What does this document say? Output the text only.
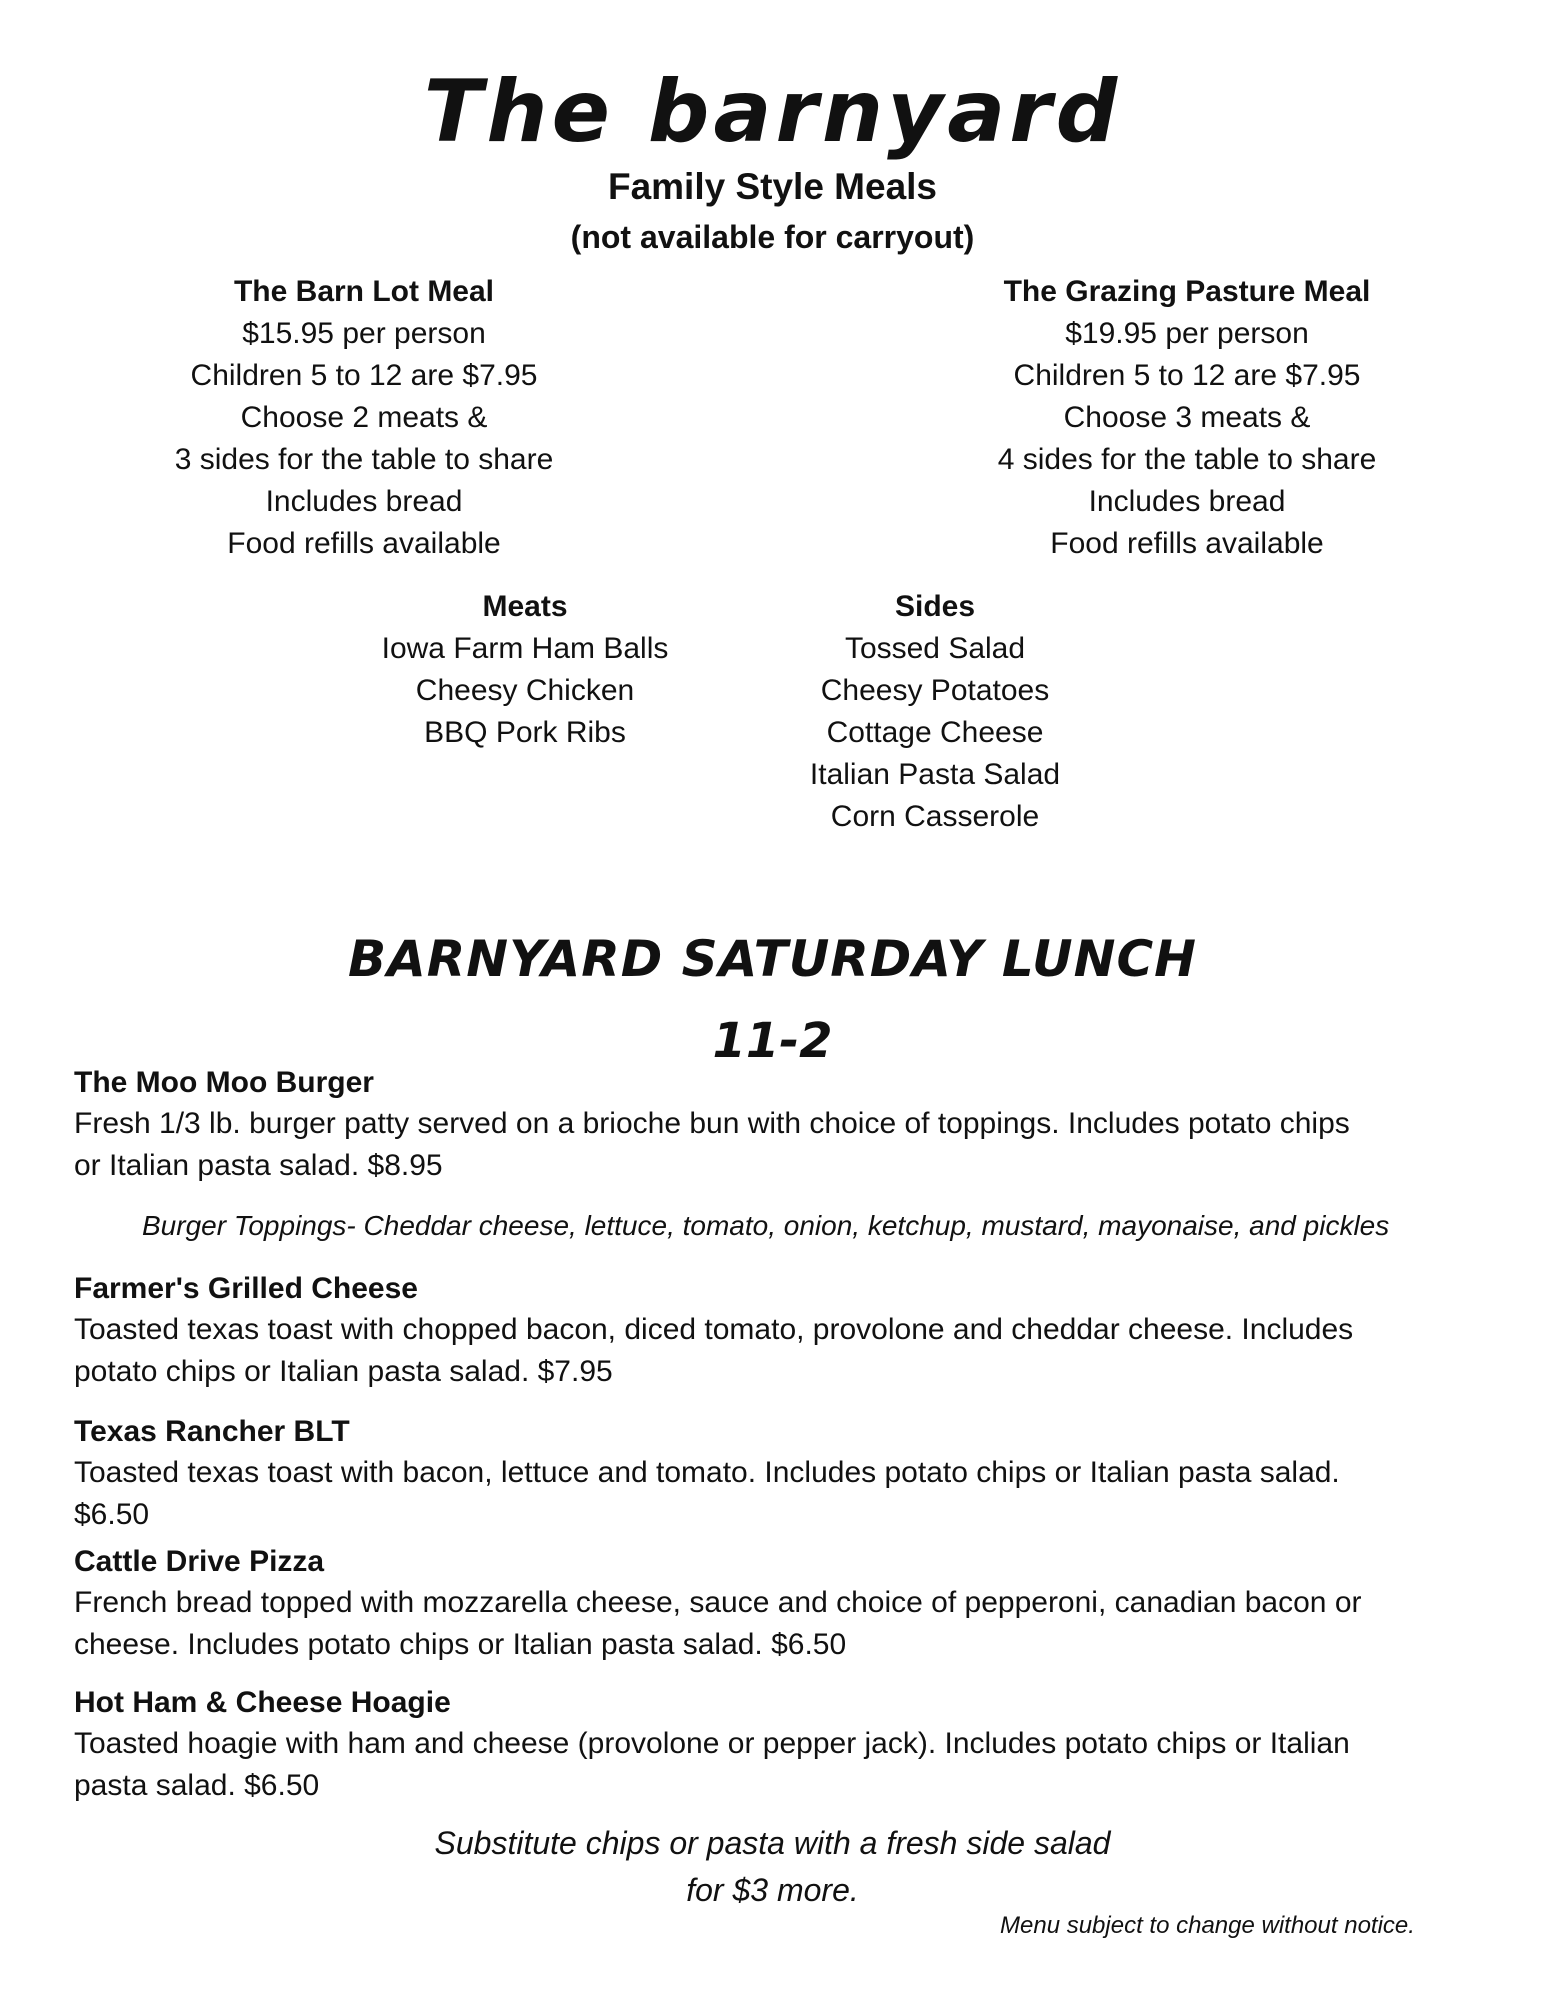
The barnyard
Family Style Meals
(not available for carryout)
The Barn Lot Meal
$15.95 per person
Children 5 to 12 are $7.95
Choose 2 meats &
3 sides for the table to share
Includes bread
Food refills available
The Grazing Pasture Meal
$19.95 per person
Children 5 to 12 are $7.95
Choose 3 meats &
4 sides for the table to share
Includes bread
Food refills available
Meats
Iowa Farm Ham Balls
Cheesy Chicken
BBQ Pork Ribs
Sides
Tossed Salad
Cheesy Potatoes
Cottage Cheese
Italian Pasta Salad
Corn Casserole
BARNYARD SATURDAY LUNCH
11-2
The Moo Moo Burger
Fresh 1/3 lb. burger patty served on a brioche bun with choice of toppings. Includes potato chips
or Italian pasta salad. $8.95
Burger Toppings- Cheddar cheese, lettuce, tomato, onion, ketchup, mustard, mayonaise, and pickles
Farmer's Grilled Cheese
Toasted texas toast with chopped bacon, diced tomato, provolone and cheddar cheese. Includes
potato chips or Italian pasta salad. $7.95
Texas Rancher BLT
Toasted texas toast with bacon, lettuce and tomato. Includes potato chips or Italian pasta salad.
$6.50
Cattle Drive Pizza
French bread topped with mozzarella cheese, sauce and choice of pepperoni, canadian bacon or
cheese. Includes potato chips or Italian pasta salad. $6.50
Hot Ham & Cheese Hoagie
Toasted hoagie with ham and cheese (provolone or pepper jack). Includes potato chips or Italian
pasta salad. $6.50
Substitute chips or pasta with a fresh side salad
for $3 more.
Menu subject to change without notice.
